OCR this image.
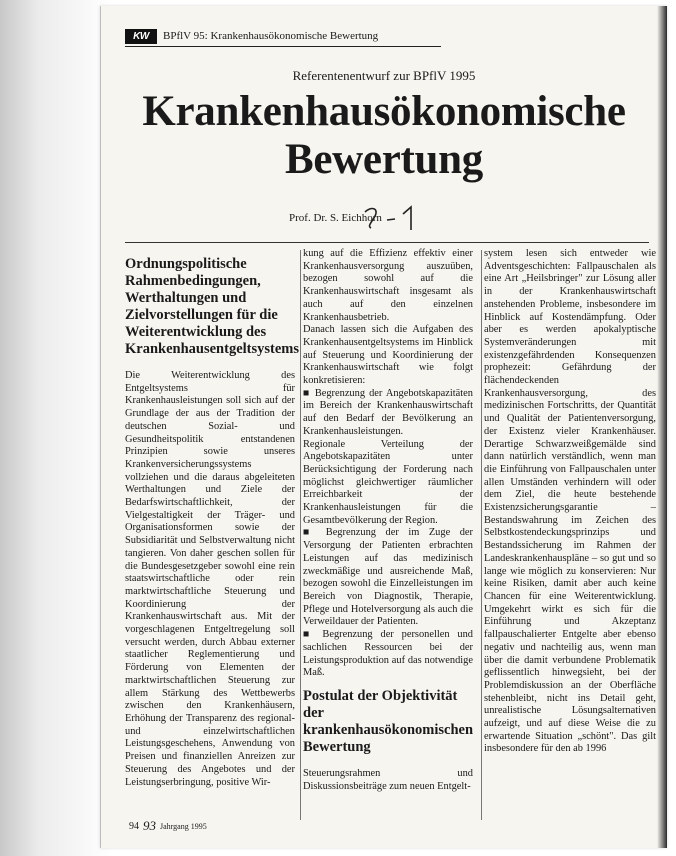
KW	BPflV 95: Krankenhausökonomische Bewertung
Referentenentwurf zur BPflV 1995
Krankenhausökonomische
Bewertung
Prof. Dr. S. Eichhorn
Ordnungspolitische Rahmenbedingungen, Werthaltungen und Zielvorstellungen für die Weiterentwicklung des Krankenhausentgeltsystems

Die Weiterentwicklung des Entgeltsystems für Krankenhausleistungen soll sich auf der Grundlage der aus der Tradition der deutschen Sozial- und Gesundheitspolitik entstandenen Prinzipien sowie unseres Krankenversicherungssystems vollziehen und die daraus abgeleiteten Werthaltungen und Ziele der Bedarfswirtschaftlichkeit, der Vielgestaltigkeit der Träger- und Organisationsformen sowie der Subsidiarität und Selbstverwaltung nicht tangieren. Von daher geschen sollen für die Bundesgesetzgeber sowohl eine rein staatswirtschaftliche oder rein marktwirtschaftliche Steuerung und Koordinierung der Krankenhauswirtschaft aus. Mit der vorgeschlagenen Entgeltregelung soll versucht werden, durch Abbau externer staatlicher Reglementierung und Förderung von Elementen der marktwirtschaftlichen Steuerung zur allem Stärkung des Wettbewerbs zwischen den Krankenhäusern, Erhöhung der Transparenz des regional- und einzelwirtschaftlichen Leistungsgeschehens, Anwendung von Preisen und finanziellen Anreizen zur Steuerung des Angebotes und der Leistungserbringung, positive Wir-

kung auf die Effizienz effektiv einer Krankenhausversorgung auszuüben, bezogen sowohl auf die Krankenhauswirtschaft insgesamt als auch auf den einzelnen Krankenhausbetrieb.

Danach lassen sich die Aufgaben des Krankenhausentgeltsystems im Hinblick auf Steuerung und Koordinierung der Krankenhauswirtschaft wie folgt konkretisieren:

■ Begrenzung der Angebotskapazitäten im Bereich der Krankenhauswirtschaft auf den Bedarf der Bevölkerung an Krankenhausleistungen.

Regionale Verteilung der Angebotskapazitäten unter Berücksichtigung der Forderung nach möglichst gleichwertiger räumlicher Erreichbarkeit der Krankenhausleistungen für die Gesamtbevölkerung der Region.

■ Begrenzung der im Zuge der Versorgung der Patienten erbrachten Leistungen auf das medizinisch zweckmäßige und ausreichende Maß, bezogen sowohl die Einzelleistungen im Bereich von Diagnostik, Therapie, Pflege und Hotelversorgung als auch die Verweildauer der Patienten.

■ Begrenzung der personellen und sachlichen Ressourcen bei der Leistungsproduktion auf das notwendige Maß.

Postulat der Objektivität der krankenhausökonomischen Bewertung

Steuerungsrahmen und Diskussionsbeiträge zum neuen Entgelt-

system lesen sich entweder wie Adventsgeschichten: Fallpauschalen als eine Art „Heilsbringer" zur Lösung aller in der Krankenhauswirtschaft anstehenden Probleme, insbesondere im Hinblick auf Kostendämpfung. Oder aber es werden apokalyptische Systemveränderungen mit existenzgefährdenden Konsequenzen prophezeit: Gefährdung der flächendeckenden Krankenhausversorgung, des medizinischen Fortschritts, der Quantität und Qualität der Patientenversorgung, der Existenz vieler Krankenhäuser. Derartige Schwarzweißgemälde sind dann natürlich verständlich, wenn man die Einführung von Fallpauschalen unter allen Umständen verhindern will oder dem Ziel, die heute bestehende Existenzsicherungsgarantie – Bestandswahrung im Zeichen des Selbstkostendeckungsprinzips und Bestandssicherung im Rahmen der Landeskrankenhauspläne – so gut und so lange wie möglich zu konservieren: Nur keine Risiken, damit aber auch keine Chancen für eine Weiterentwicklung. Umgekehrt wirkt es sich für die Einführung und Akzeptanz fallpauschalierter Entgelte aber ebenso negativ und nachteilig aus, wenn man über die damit verbundene Problematik geflissentlich hinwegsieht, bei der Problemdiskussion an der Oberfläche stehenbleibt, nicht ins Detail geht, unrealistische Lösungsalternativen aufzeigt, und auf diese Weise die zu erwartende Situation „schönt". Das gilt insbesondere für den ab 1996

94 93 Jahrgang 1995
